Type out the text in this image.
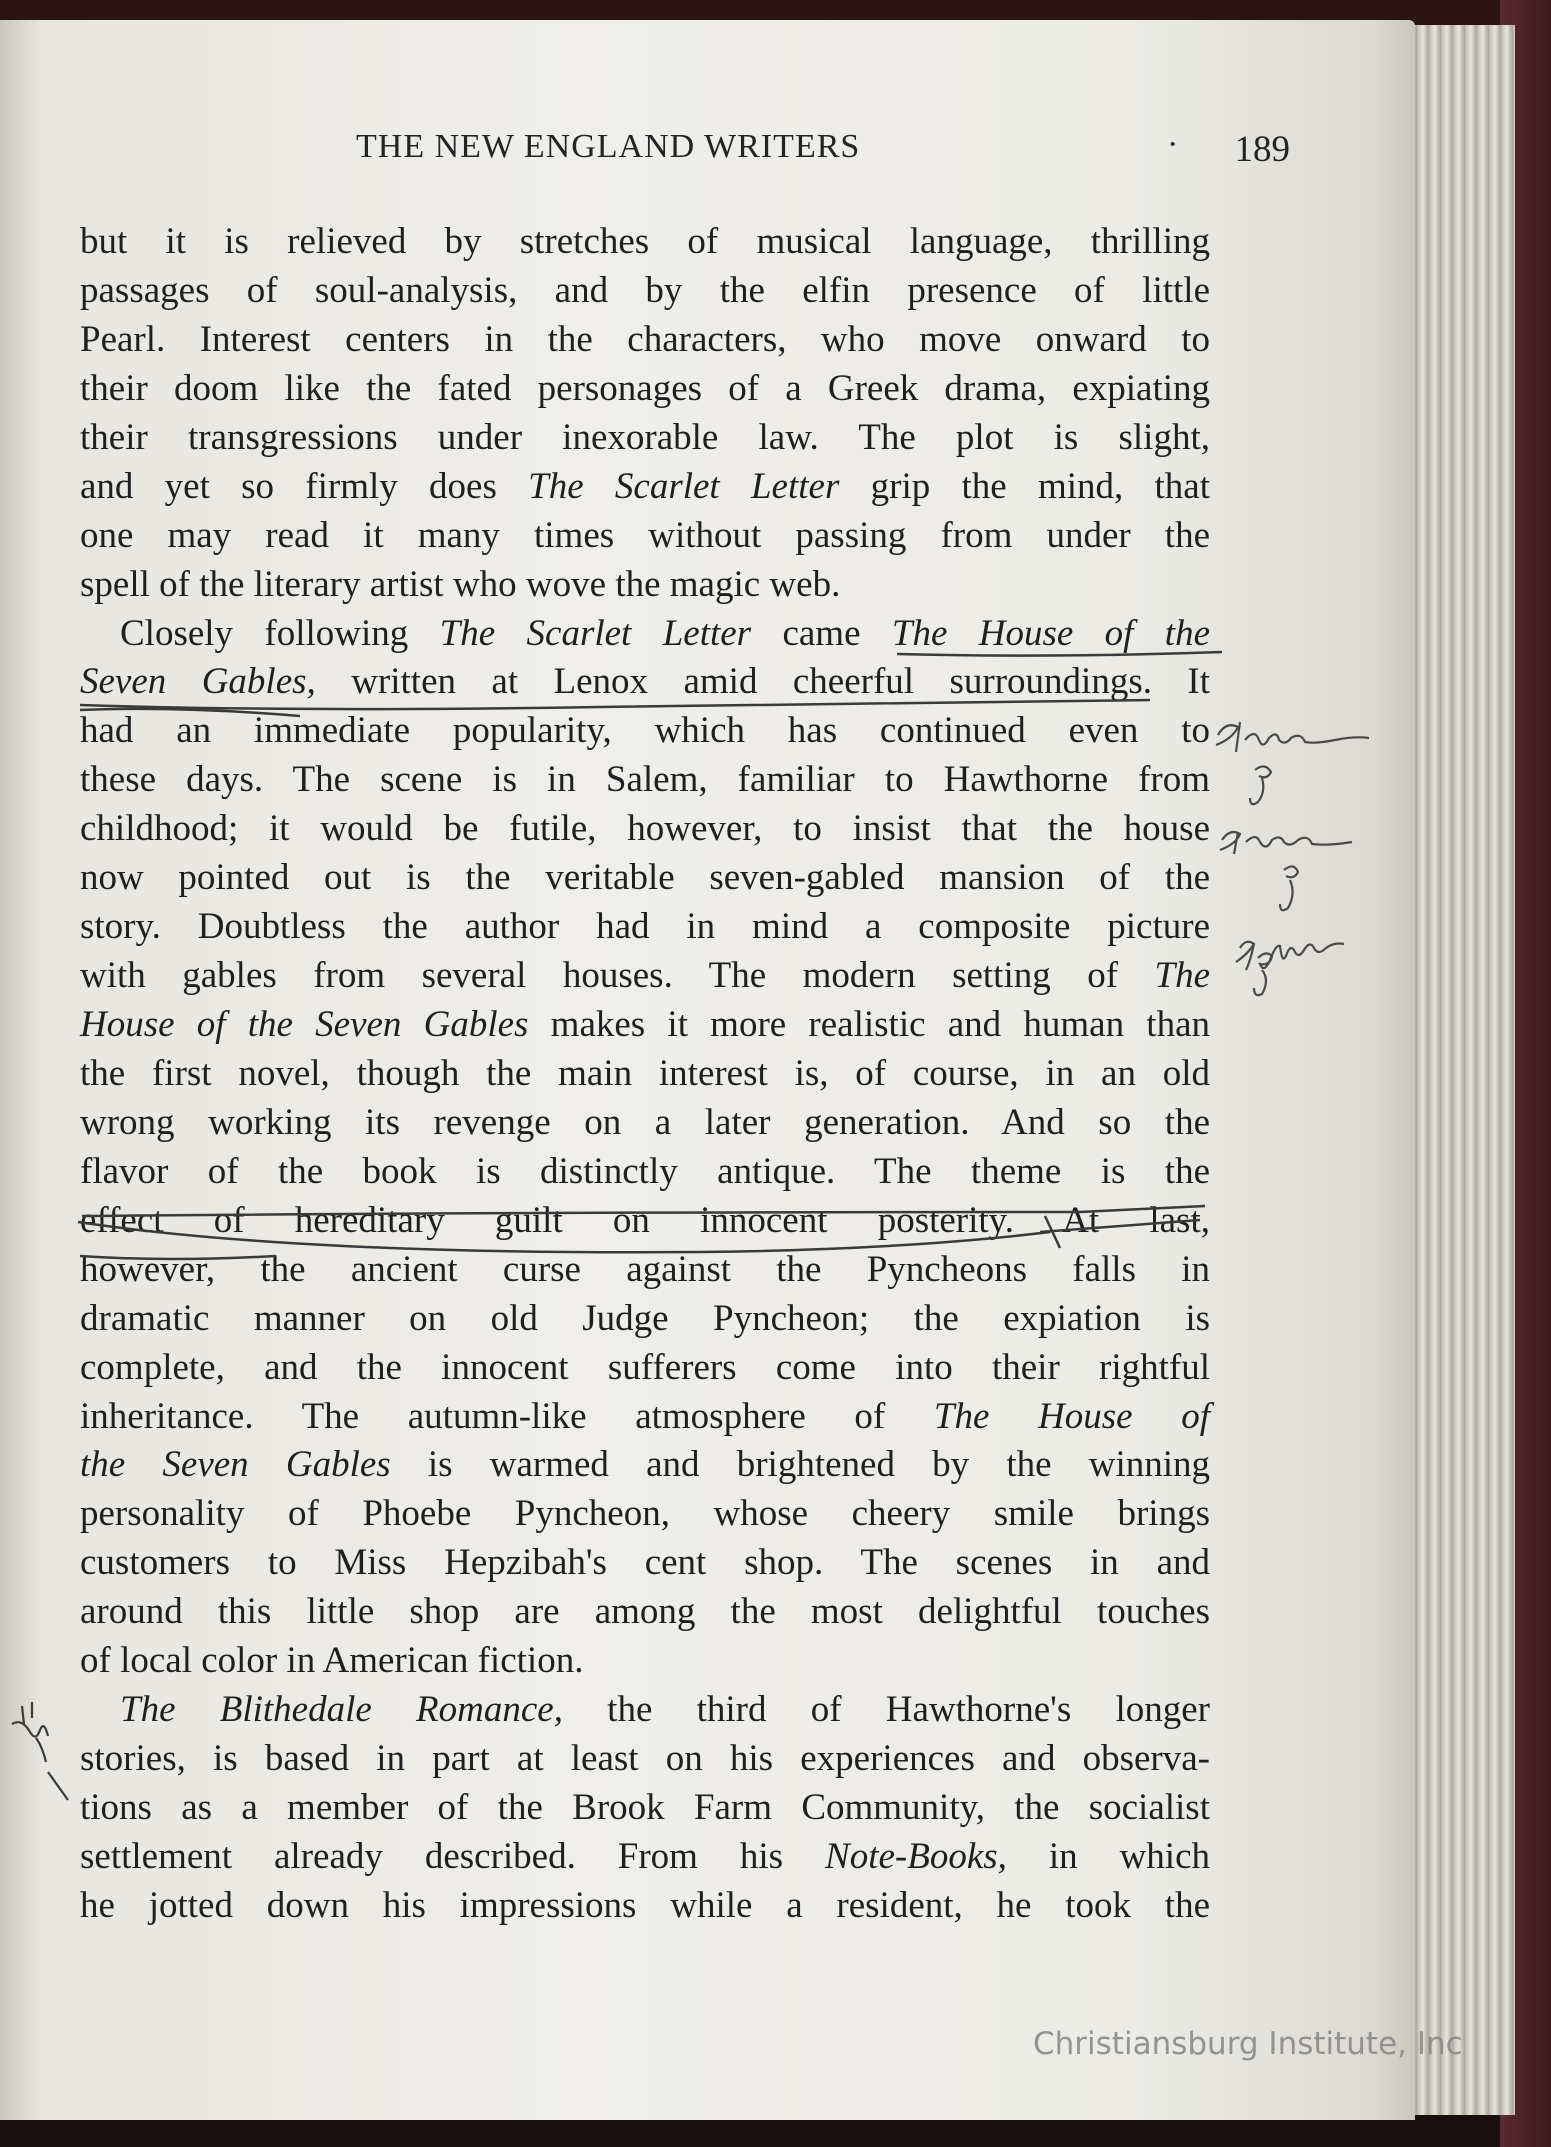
THE NEW ENGLAND WRITERS	·	189
but it is relieved by stretches of musical language, thrilling
passages of soul-analysis, and by the elfin presence of little
Pearl. Interest centers in the characters, who move onward to
their doom like the fated personages of a Greek drama, expiating
their transgressions under inexorable law. The plot is slight,
and yet so firmly does The Scarlet Letter grip the mind, that
one may read it many times without passing from under the
spell of the literary artist who wove the magic web.
Closely following The Scarlet Letter came The House of the
Seven Gables, written at Lenox amid cheerful surroundings. It
had an immediate popularity, which has continued even to
these days. The scene is in Salem, familiar to Hawthorne from
childhood; it would be futile, however, to insist that the house
now pointed out is the veritable seven-gabled mansion of the
story. Doubtless the author had in mind a composite picture
with gables from several houses. The modern setting of The
House of the Seven Gables makes it more realistic and human than
the first novel, though the main interest is, of course, in an old
wrong working its revenge on a later generation. And so the
flavor of the book is distinctly antique. The theme is the
effect of hereditary guilt on innocent posterity. At last,
however, the ancient curse against the Pyncheons falls in
dramatic manner on old Judge Pyncheon; the expiation is
complete, and the innocent sufferers come into their rightful
inheritance. The autumn-like atmosphere of The House of
the Seven Gables is warmed and brightened by the winning
personality of Phoebe Pyncheon, whose cheery smile brings
customers to Miss Hepzibah's cent shop. The scenes in and
around this little shop are among the most delightful touches
of local color in American fiction.
The Blithedale Romance, the third of Hawthorne's longer
stories, is based in part at least on his experiences and observa-
tions as a member of the Brook Farm Community, the socialist
settlement already described. From his Note-Books, in which
he jotted down his impressions while a resident, he took the
Christiansburg Institute, Inc
